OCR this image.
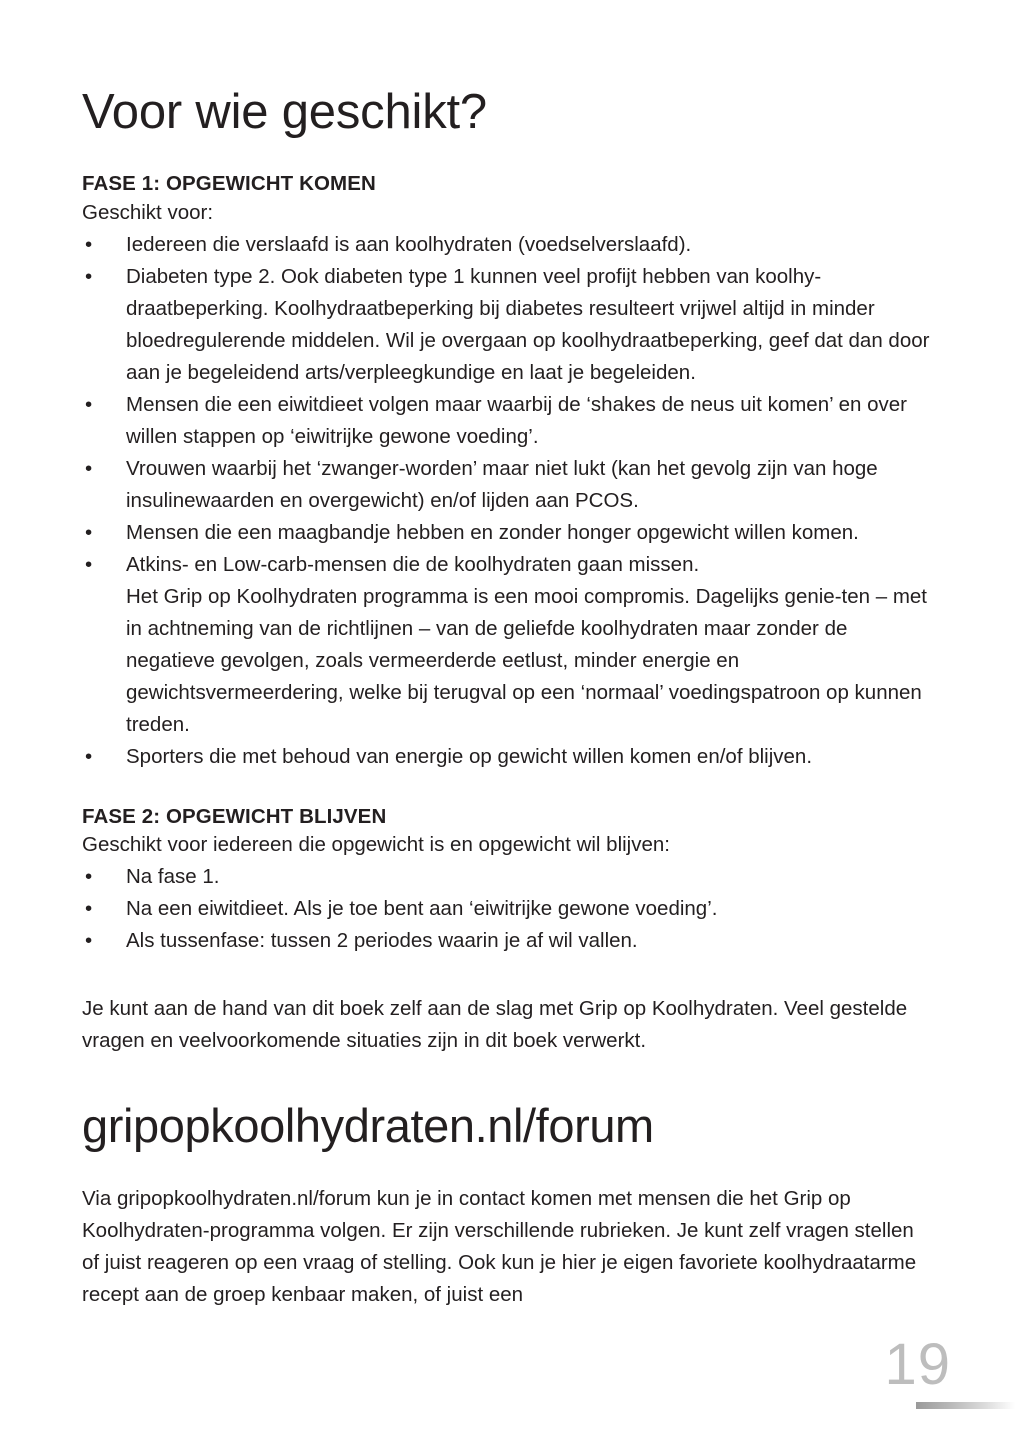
Voor wie geschikt?
FASE 1: OPGEWICHT KOMEN
Geschikt voor:
•	Iedereen die verslaafd is aan koolhydraten (voedselverslaafd).
•	Diabeten type 2. Ook diabeten type 1 kunnen veel profijt hebben van koolhy-draatbeperking. Koolhydraatbeperking bij diabetes resulteert vrijwel altijd in minder bloedregulerende middelen. Wil je overgaan op koolhydraatbeperking, geef dat dan door aan je begeleidend arts/verpleegkundige en laat je begeleiden.
•	Mensen die een eiwitdieet volgen maar waarbij de ‘shakes de neus uit komen’ en over willen stappen op ‘eiwitrijke gewone voeding’.
•	Vrouwen waarbij het ‘zwanger-worden’ maar niet lukt (kan het gevolg zijn van hoge insulinewaarden en overgewicht) en/of lijden aan PCOS.
•	Mensen die een maagbandje hebben en zonder honger opgewicht willen komen.
•	Atkins- en Low-carb-mensen die de koolhydraten gaan missen.
Het Grip op Koolhydraten programma is een mooi compromis. Dagelijks genie-ten – met in achtneming van de richtlijnen – van de geliefde koolhydraten maar zonder de negatieve gevolgen, zoals vermeerderde eetlust, minder energie en gewichtsvermeerdering, welke bij terugval op een ‘normaal’ voedingspatroon op kunnen treden.
•	Sporters die met behoud van energie op gewicht willen komen en/of blijven.
FASE 2: OPGEWICHT BLIJVEN
Geschikt voor iedereen die opgewicht is en opgewicht wil blijven:
•	Na fase 1.
•	Na een eiwitdieet. Als je toe bent aan ‘eiwitrijke gewone voeding’.
•	Als tussenfase: tussen 2 periodes waarin je af wil vallen.

Je kunt aan de hand van dit boek zelf aan de slag met Grip op Koolhydraten. Veel gestelde vragen en veelvoorkomende situaties zijn in dit boek verwerkt.

gripopkoolhydraten.nl/forum

Via gripopkoolhydraten.nl/forum kun je in contact komen met mensen die het Grip op Koolhydraten-programma volgen. Er zijn verschillende rubrieken. Je kunt zelf vragen stellen of juist reageren op een vraag of stelling. Ook kun je hier je eigen favoriete koolhydraatarme recept aan de groep kenbaar maken, of juist een

19
